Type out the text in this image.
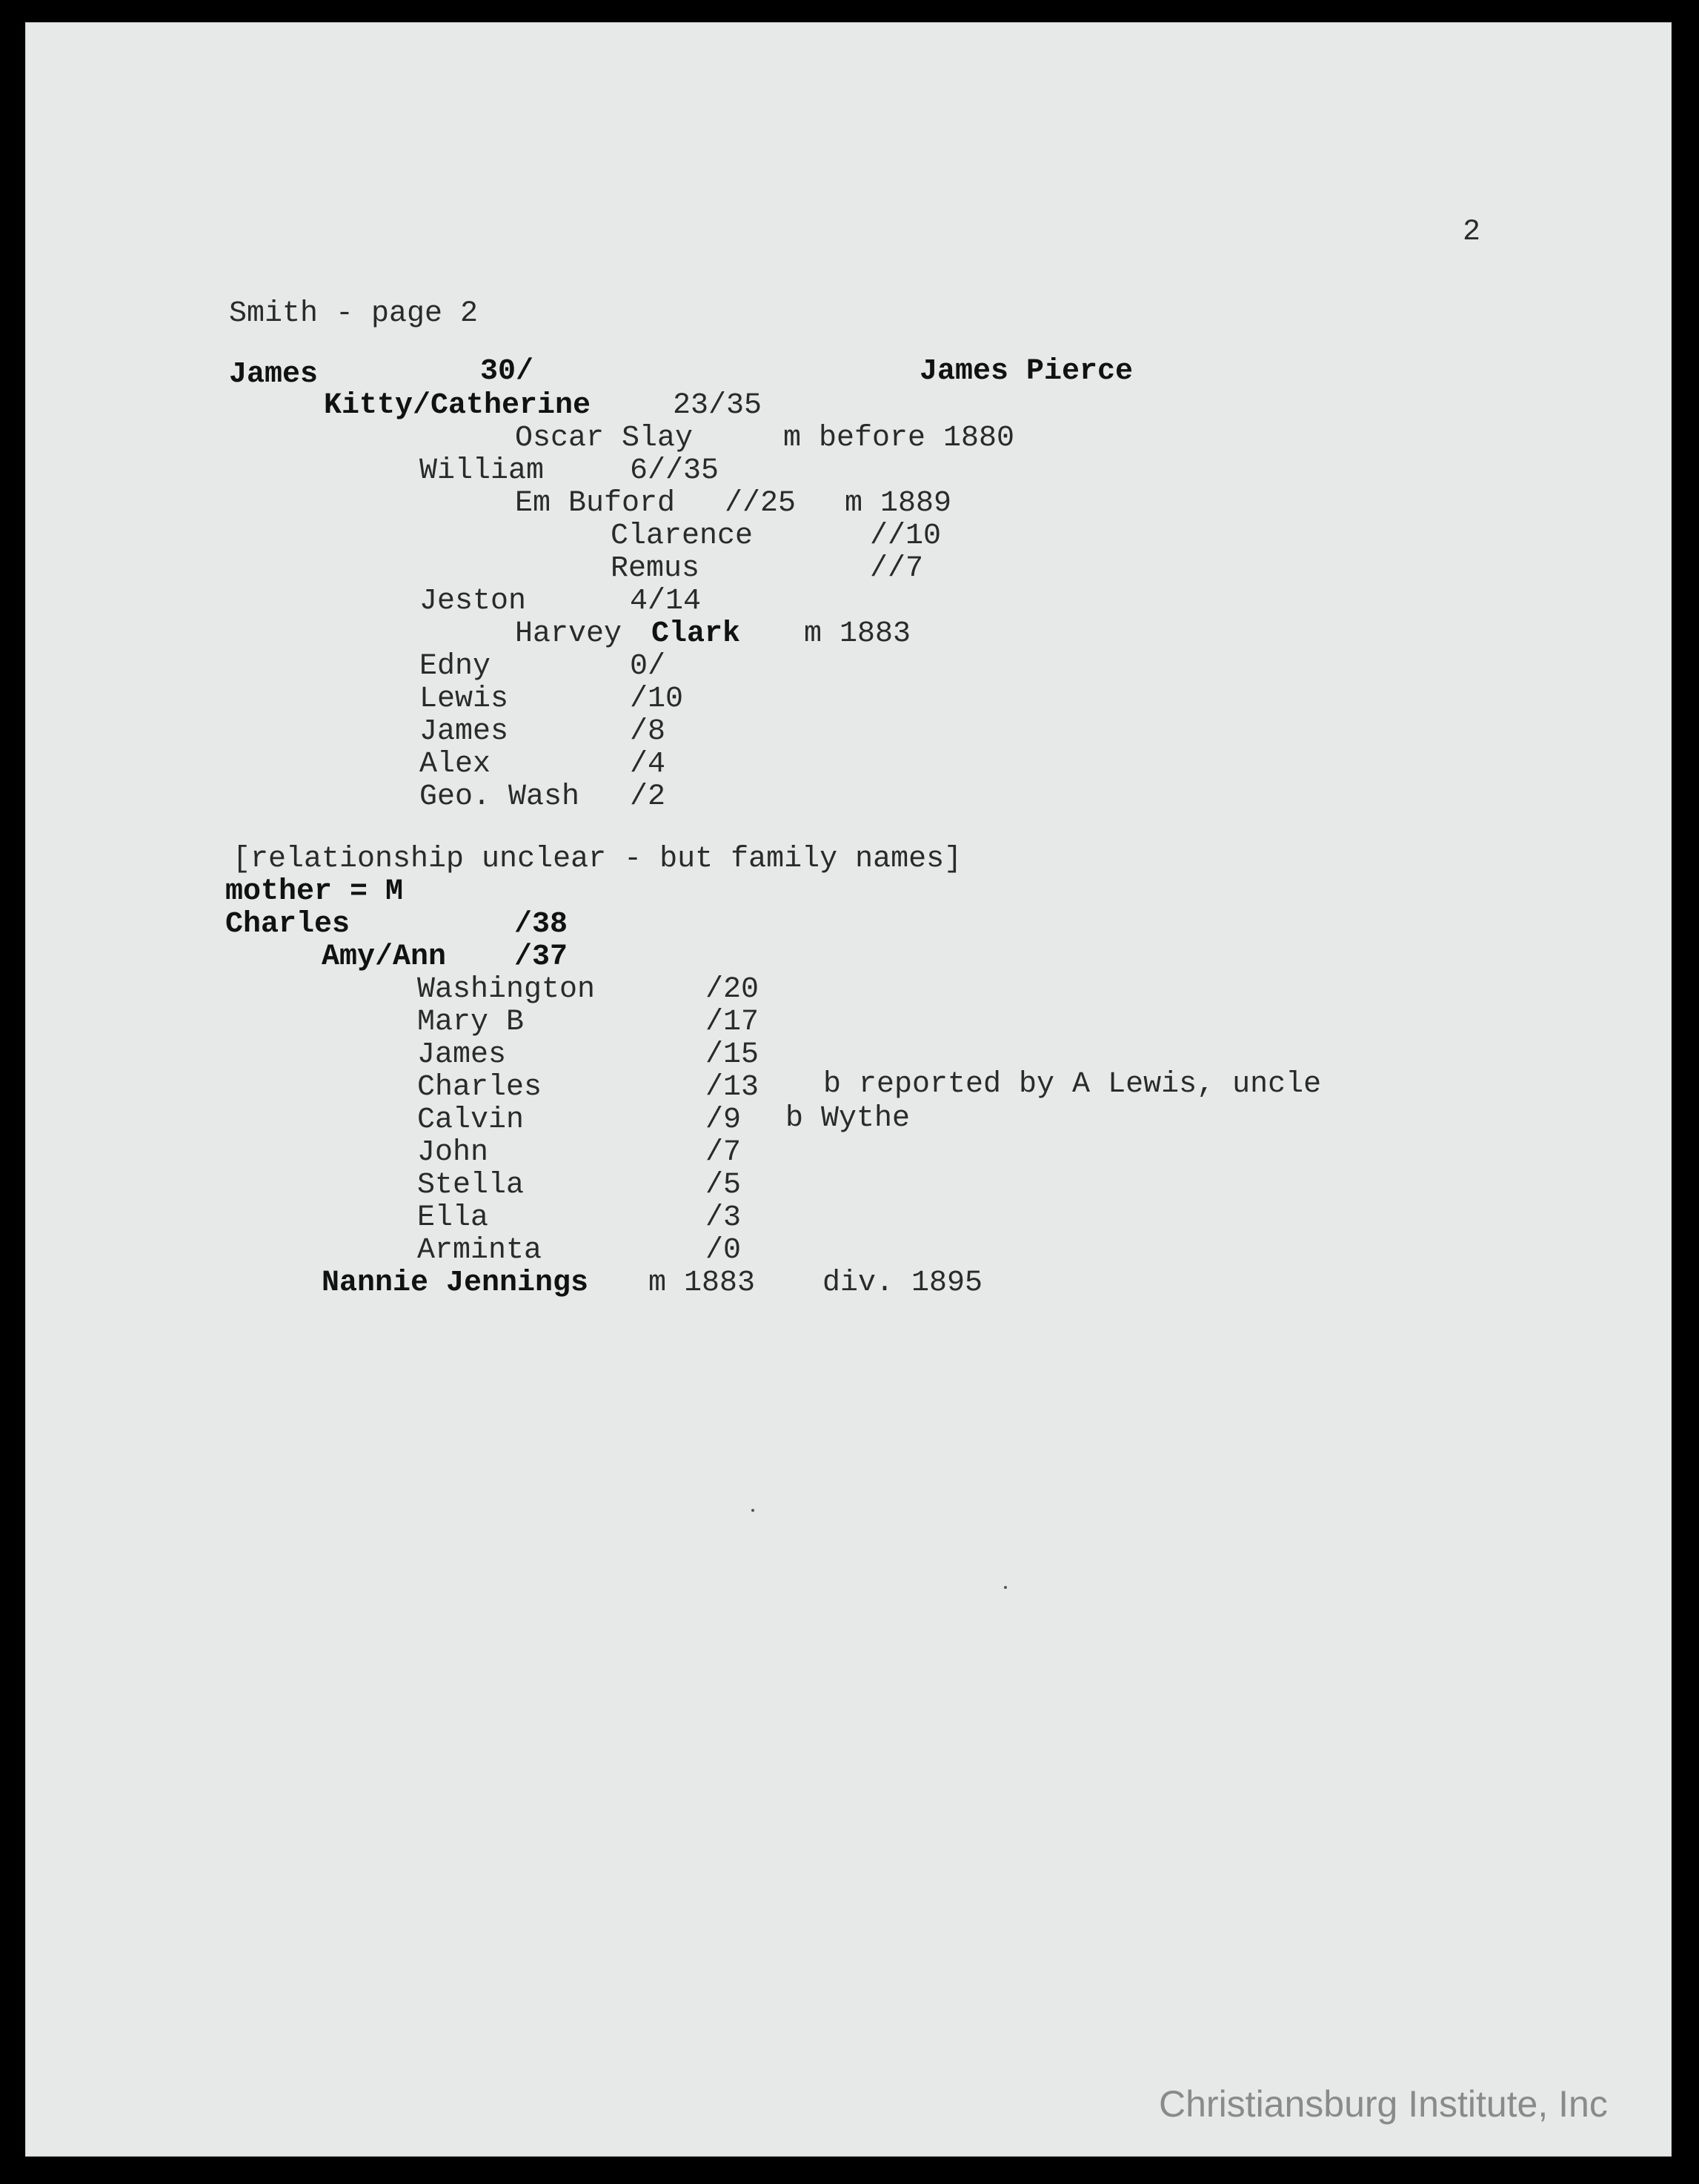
2
Smith - page 2
James	30/	James Pierce
Kitty/Catherine	23/35
Oscar Slay	m before 1880
William	6//35
Em Buford //25 m 1889
Clarence	//10
Remus	//7
Jeston	4/14
Harvey Clark m 1883
Edny	0/
Lewis	/10
James	/8
Alex	/4
Geo. Wash /2
[relationship unclear - but family names]
mother = M
Charles	/38
Amy/Ann /37
Washington	/20
Mary B	/17
James	/15
Charles	/13 b reported by A Lewis, uncle
Calvin	/9 b Wythe
John	/7
Stella	/5
Ella	/3
Arminta	/0
Nannie Jennings m 1883 div. 1895
Christiansburg Institute, Inc
